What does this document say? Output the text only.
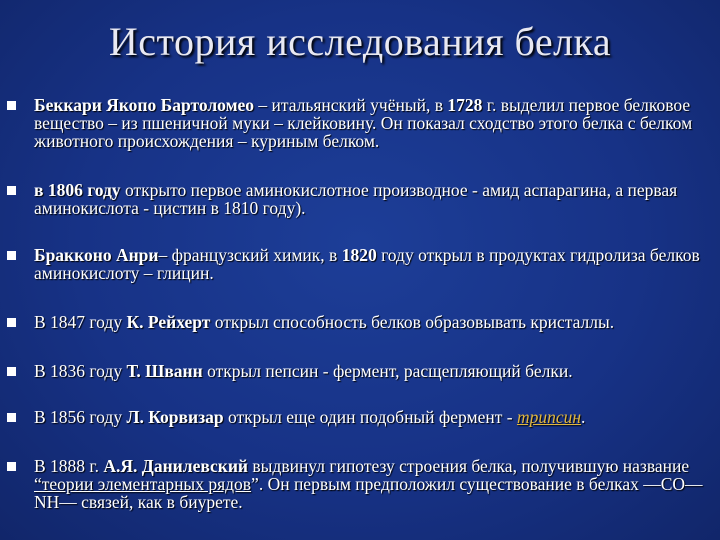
История исследования белка
Беккари Якопо Бартоломео – итальянский учёный, в 1728 г. выделил первое белковое вещество – из пшеничной муки – клейковину. Он показал сходство этого белка с белком животного происхождения – куриным белком.
в 1806 году открыто первое аминокислотное производное - амид аспарагина, а первая аминокислота - цистин в 1810 году).
Бракконо Анри– французский химик, в 1820 году открыл в продуктах гидролиза белков аминокислоту – глицин.
В 1847 году К. Рейхерт открыл способность белков образовывать кристаллы.
В 1836 году Т. Шванн открыл пепсин - фермент, расщепляющий белки.
В 1856 году Л. Корвизар открыл еще один подобный фермент - трипсин.
В 1888 г. А.Я. Данилевский выдвинул гипотезу строения белка, получившую название “теории элементарных рядов”. Он первым предположил существование в белках —CO—NH— связей, как в биурете.
